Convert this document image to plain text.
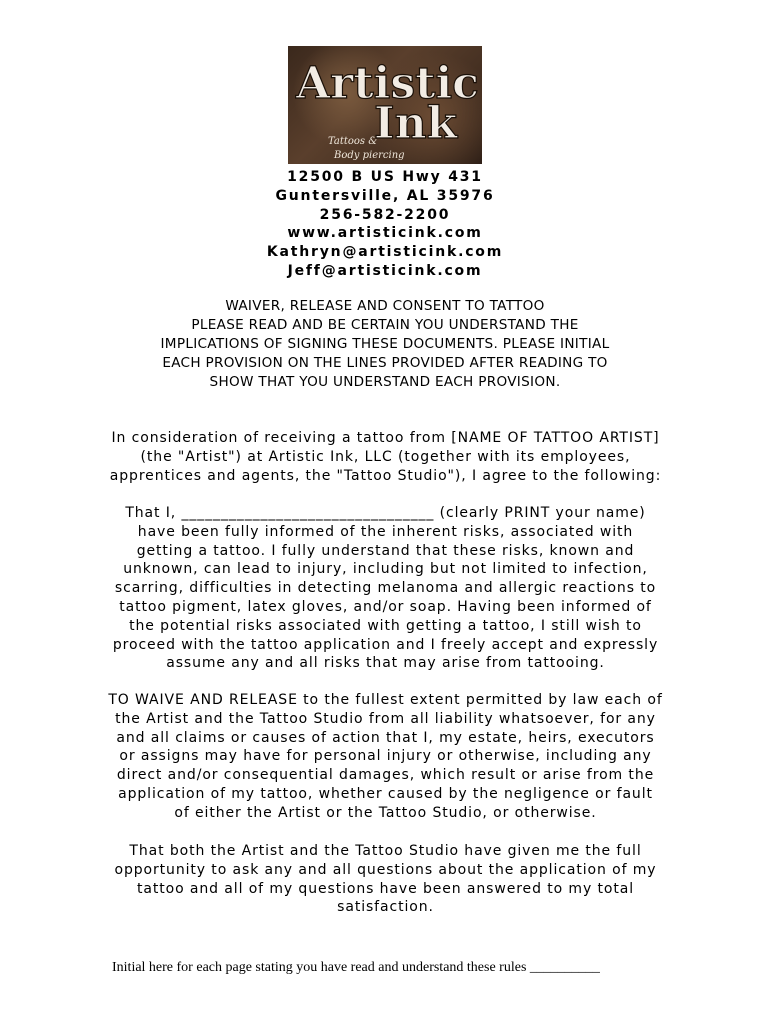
Artistic
Ink
Tattoos &
Body piercing
12500 B US Hwy 431
Guntersville, AL 35976
256-582-2200
www.artisticink.com
Kathryn@artisticink.com
Jeff@artisticink.com
WAIVER, RELEASE AND CONSENT TO TATTOO
PLEASE READ AND BE CERTAIN YOU UNDERSTAND THE
IMPLICATIONS OF SIGNING THESE DOCUMENTS. PLEASE INITIAL
EACH PROVISION ON THE LINES PROVIDED AFTER READING TO
SHOW THAT YOU UNDERSTAND EACH PROVISION.
In consideration of receiving a tattoo from [NAME OF TATTOO ARTIST] (the "Artist") at Artistic Ink, LLC (together with its employees, apprentices and agents, the "Tattoo Studio"), I agree to the following:
That I, ________________________________ (clearly PRINT your name) have been fully informed of the inherent risks, associated with getting a tattoo. I fully understand that these risks, known and unknown, can lead to injury, including but not limited to infection, scarring, difficulties in detecting melanoma and allergic reactions to tattoo pigment, latex gloves, and/or soap. Having been informed of the potential risks associated with getting a tattoo, I still wish to proceed with the tattoo application and I freely accept and expressly assume any and all risks that may arise from tattooing.
TO WAIVE AND RELEASE to the fullest extent permitted by law each of the Artist and the Tattoo Studio from all liability whatsoever, for any and all claims or causes of action that I, my estate, heirs, executors or assigns may have for personal injury or otherwise, including any direct and/or consequential damages, which result or arise from the application of my tattoo, whether caused by the negligence or fault of either the Artist or the Tattoo Studio, or otherwise.
That both the Artist and the Tattoo Studio have given me the full opportunity to ask any and all questions about the application of my tattoo and all of my questions have been answered to my total satisfaction.
Initial here for each page stating you have read and understand these rules __________
